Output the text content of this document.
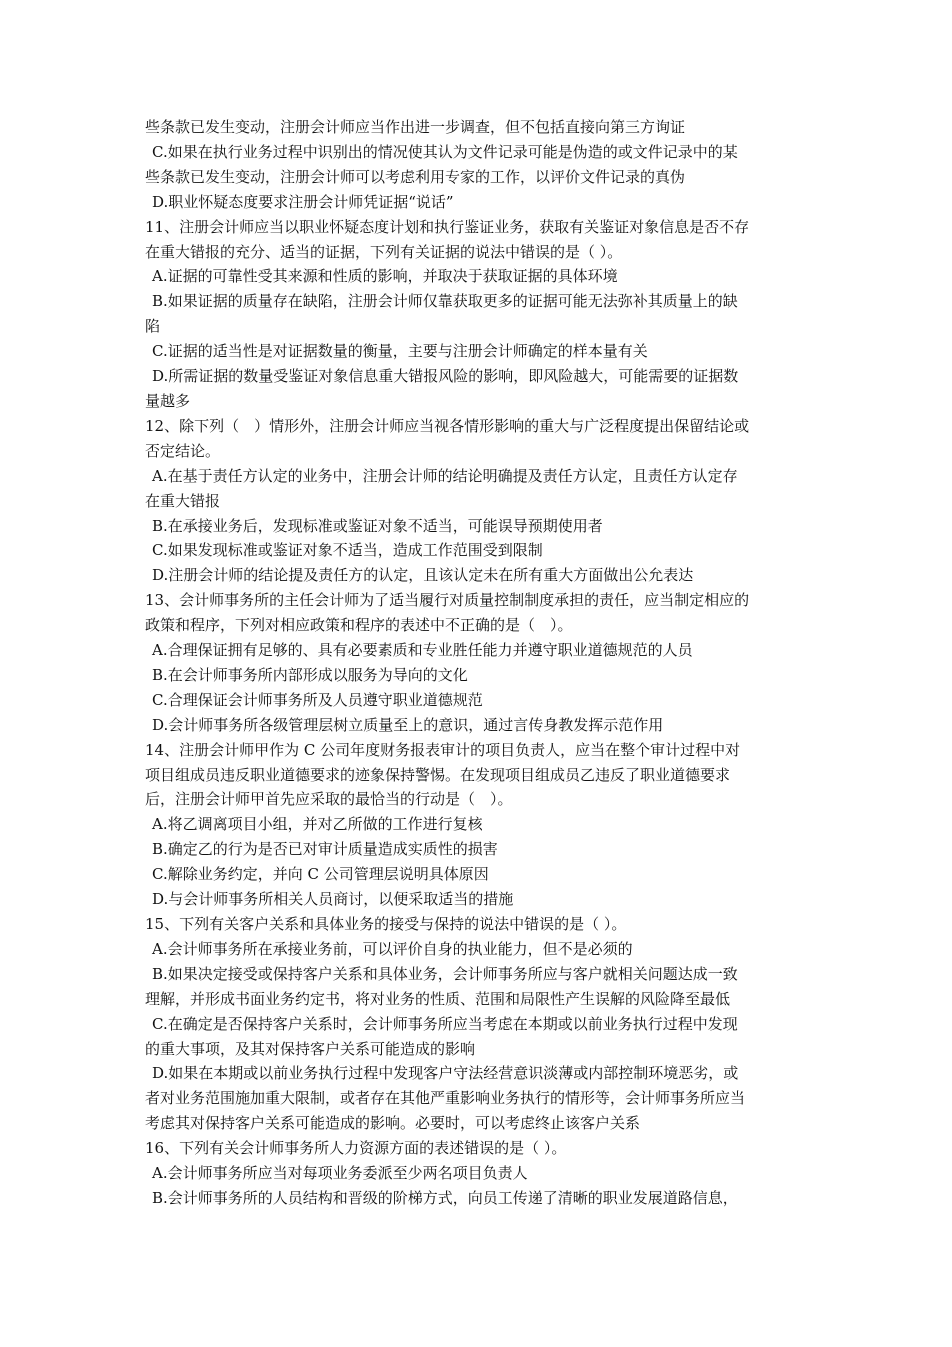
些条款已发生变动，注册会计师应当作出进一步调查，但不包括直接向第三方询证
C.如果在执行业务过程中识别出的情况使其认为文件记录可能是伪造的或文件记录中的某
些条款已发生变动，注册会计师可以考虑利用专家的工作，以评价文件记录的真伪
D.职业怀疑态度要求注册会计师凭证据“说话”
11、注册会计师应当以职业怀疑态度计划和执行鉴证业务，获取有关鉴证对象信息是否不存
在重大错报的充分、适当的证据，下列有关证据的说法中错误的是（ ）。
A.证据的可靠性受其来源和性质的影响，并取决于获取证据的具体环境
B.如果证据的质量存在缺陷，注册会计师仅靠获取更多的证据可能无法弥补其质量上的缺
陷
C.证据的适当性是对证据数量的衡量，主要与注册会计师确定的样本量有关
D.所需证据的数量受鉴证对象信息重大错报风险的影响，即风险越大，可能需要的证据数
量越多
12、除下列（　）情形外，注册会计师应当视各情形影响的重大与广泛程度提出保留结论或
否定结论。
A.在基于责任方认定的业务中，注册会计师的结论明确提及责任方认定，且责任方认定存
在重大错报
B.在承接业务后，发现标准或鉴证对象不适当，可能误导预期使用者
C.如果发现标准或鉴证对象不适当，造成工作范围受到限制
D.注册会计师的结论提及责任方的认定，且该认定未在所有重大方面做出公允表达
13、会计师事务所的主任会计师为了适当履行对质量控制制度承担的责任，应当制定相应的
政策和程序，下列对相应政策和程序的表述中不正确的是（　）。
A.合理保证拥有足够的、具有必要素质和专业胜任能力并遵守职业道德规范的人员
B.在会计师事务所内部形成以服务为导向的文化
C.合理保证会计师事务所及人员遵守职业道德规范
D.会计师事务所各级管理层树立质量至上的意识，通过言传身教发挥示范作用
14、注册会计师甲作为 C 公司年度财务报表审计的项目负责人，应当在整个审计过程中对
项目组成员违反职业道德要求的迹象保持警惕。在发现项目组成员乙违反了职业道德要求
后，注册会计师甲首先应采取的最恰当的行动是（　）。
A.将乙调离项目小组，并对乙所做的工作进行复核
B.确定乙的行为是否已对审计质量造成实质性的损害
C.解除业务约定，并向 C 公司管理层说明具体原因
D.与会计师事务所相关人员商讨，以便采取适当的措施
15、下列有关客户关系和具体业务的接受与保持的说法中错误的是（ ）。
A.会计师事务所在承接业务前，可以评价自身的执业能力，但不是必须的
B.如果决定接受或保持客户关系和具体业务，会计师事务所应与客户就相关问题达成一致
理解，并形成书面业务约定书，将对业务的性质、范围和局限性产生误解的风险降至最低
C.在确定是否保持客户关系时，会计师事务所应当考虑在本期或以前业务执行过程中发现
的重大事项，及其对保持客户关系可能造成的影响
D.如果在本期或以前业务执行过程中发现客户守法经营意识淡薄或内部控制环境恶劣，或
者对业务范围施加重大限制，或者存在其他严重影响业务执行的情形等，会计师事务所应当
考虑其对保持客户关系可能造成的影响。必要时，可以考虑终止该客户关系
16、下列有关会计师事务所人力资源方面的表述错误的是（ ）。
A.会计师事务所应当对每项业务委派至少两名项目负责人
B.会计师事务所的人员结构和晋级的阶梯方式，向员工传递了清晰的职业发展道路信息，
